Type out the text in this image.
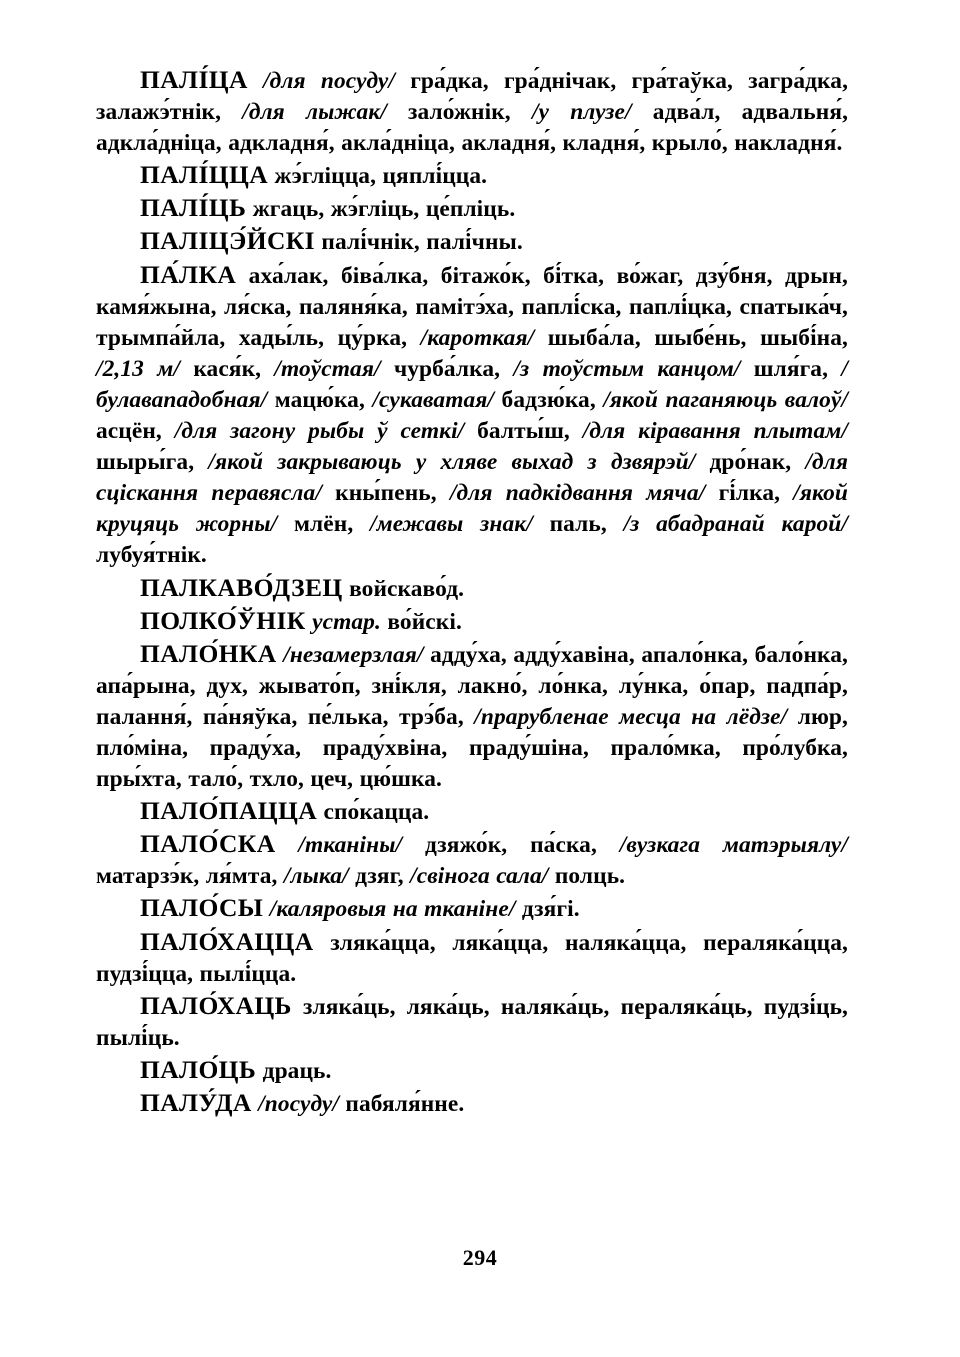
ПАЛІ́ЦА /для посуду/ гра́дка, гра́днічак, гра́таўка, загра́дка, залажэ́тнік, /для лыжак/ зало́жнік, /у плузе/ адва́л, адвальня́, адкла́дніца, адкладня́, акла́дніца, акладня́, кладня́, крыло́, накладня́.

ПАЛІ́ЦЦА жэ́гліцца, цяплі́цца.

ПАЛІ́ЦЬ жгаць, жэ́гліць, це́пліць.

ПАЛІЦЭ́ЙСКІ палі́чнік, палі́чны.

ПА́ЛКА аха́лак, біва́лка, бітажо́к, бі́тка, во́жаг, дзу́бня, дрын, камя́жына, ля́ска, паляня́ка, памітэ́ха, паплі́ска, паплі́цка, спатыка́ч, трымпа́йла, хады́ль, цу́рка, /кароткая/ шыба́ла, шыбе́нь, шыбі́на, /2,13 м/ кася́к, /тоўстая/ чурба́лка, /з тоўстым канцом/ шля́га, /булавападобная/ мацю́ка, /сукаватая/ бадзю́ка, /якой паганяюць валоў/ асцён, /для загону рыбы ў сеткі/ балты́ш, /для кіравання плытам/ шыры́га, /якой закрываюць у хляве выхад з дзвярэй/ дро́нак, /для сціскання перавясла/ кны́пень, /для падкідвання мяча/ гі́лка, /якой круцяць жорны/ млён, /межавы знак/ паль, /з абадранай карой/ лубуя́тнік.

ПАЛКАВО́ДЗЕЦ войскаво́д.

ПОЛКО́ЎНІК устар. во́йскі.

ПАЛО́НКА /незамерзлая/ адду́ха, адду́хавіна, апало́нка, бало́нка, апа́рына, дух, жывато́п, зні́кля, лакно́, ло́нка, лу́нка, о́пар, падпа́р, палання́, па́няўка, пе́лька, трэ́ба, /прарубленае месца на лёдзе/ люр, пло́міна, праду́ха, праду́хвіна, праду́шіна, прало́мка, про́лубка, пры́хта, тало́, тхло, цеч, цю́шка.

ПАЛО́ПАЦЦА спо́кацца.

ПАЛО́СКА /тканіны/ дзяжо́к, па́ска, /вузкага матэрыялу/ матарзэ́к, ля́мта, /лыка/ дзяг, /свінога сала/ полць.

ПАЛО́СЫ /каляровыя на тканіне/ дзя́гі.

ПАЛО́ХАЦЦА зляка́цца, ляка́цца, наляка́цца, перaляка́цца, пудзі́цца, пылі́цца.

ПАЛО́ХАЦЬ зляка́ць, ляка́ць, наляка́ць, перaляка́ць, пудзі́ць, пылі́ць.

ПАЛО́ЦЬ драць.

ПАЛУ́ДА /посуду/ пабяля́нне.

294
